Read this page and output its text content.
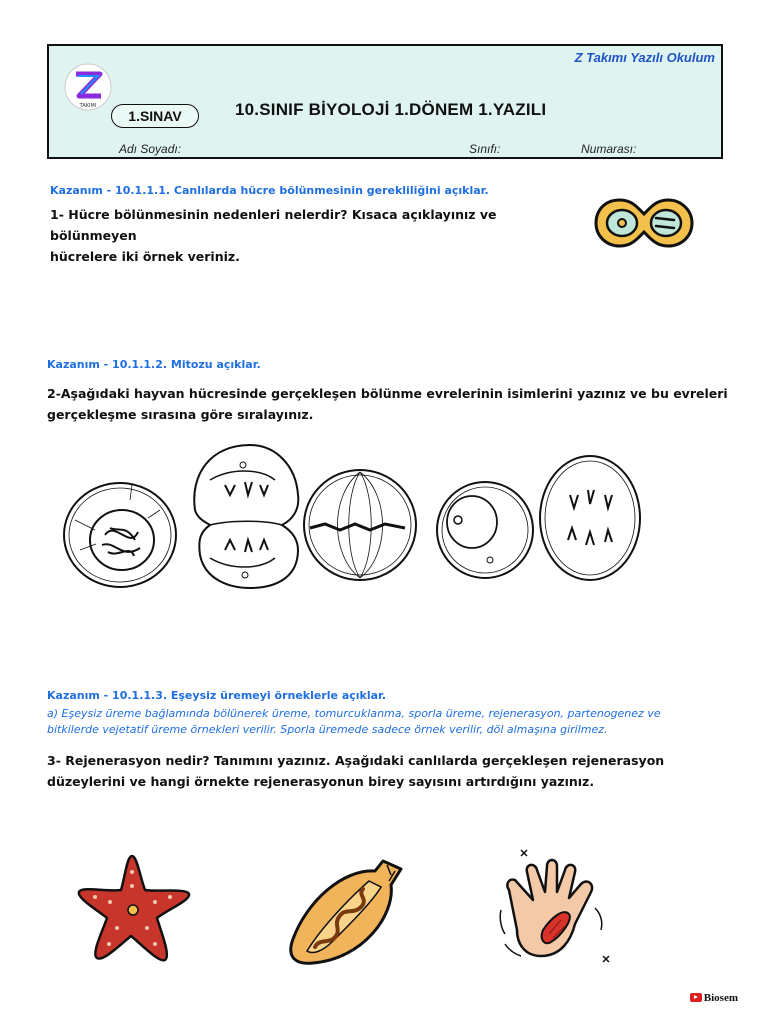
Z Takımı Yazılı Okulum
TAKIMI
1.SINAV	10.SINIF BİYOLOJİ 1.DÖNEM 1.YAZILI
Adı Soyadı:	Sınıfı:	Numarası:
Kazanım - 10.1.1.1. Canlılarda hücre bölünmesinin gerekliliğini açıklar.
1- Hücre bölünmesinin nedenleri nelerdir? Kısaca açıklayınız ve bölünmeyen
hücrelere iki örnek veriniz.
Kazanım - 10.1.1.2. Mitozu açıklar.
2-Aşağıdaki hayvan hücresinde gerçekleşen bölünme evrelerinin isimlerini yazınız ve bu evreleri
gerçekleşme sırasına göre sıralayınız.
Kazanım - 10.1.1.3. Eşeysiz üremeyi örneklerle açıklar.
a) Eşeysiz üreme bağlamında bölünerek üreme, tomurcuklanma, sporla üreme, rejenerasyon, partenogenez ve
bitkilerde vejetatif üreme örnekleri verilir. Sporla üremede sadece örnek verilir, döl almaşına girilmez.
3- Rejenerasyon nedir? Tanımını yazınız. Aşağıdaki canlılarda gerçekleşen rejenerasyon
düzeylerini ve hangi örnekte rejenerasyonun birey sayısını artırdığını yazınız.
Biosem
